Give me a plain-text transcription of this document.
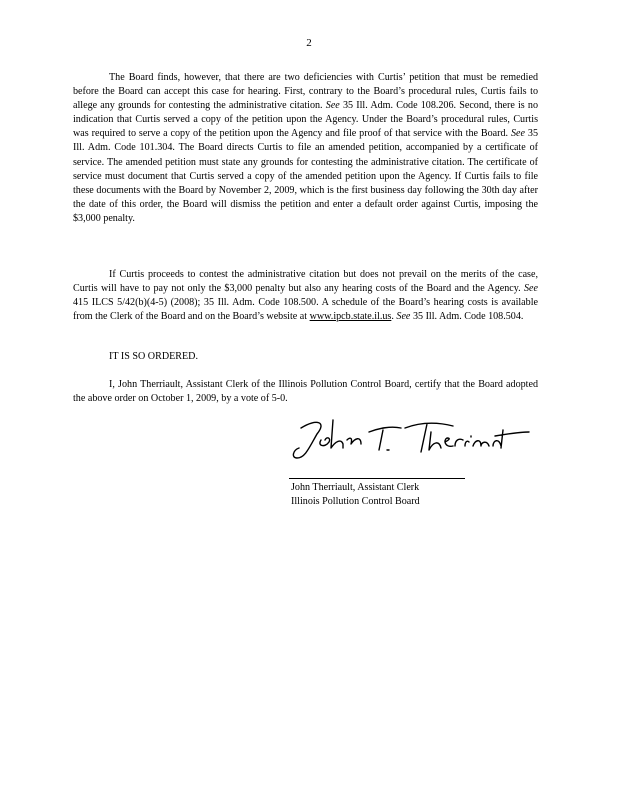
2

The Board finds, however, that there are two deficiencies with Curtis’ petition that must be remedied before the Board can accept this case for hearing. First, contrary to the Board’s procedural rules, Curtis fails to allege any grounds for contesting the administrative citation. See 35 Ill. Adm. Code 108.206. Second, there is no indication that Curtis served a copy of the petition upon the Agency. Under the Board’s procedural rules, Curtis was required to serve a copy of the petition upon the Agency and file proof of that service with the Board. See 35 Ill. Adm. Code 101.304. The Board directs Curtis to file an amended petition, accompanied by a certificate of service. The amended petition must state any grounds for contesting the administrative citation. The certificate of service must document that Curtis served a copy of the amended petition upon the Agency. If Curtis fails to file these documents with the Board by November 2, 2009, which is the first business day following the 30th day after the date of this order, the Board will dismiss the petition and enter a default order against Curtis, imposing the $3,000 penalty.

If Curtis proceeds to contest the administrative citation but does not prevail on the merits of the case, Curtis will have to pay not only the $3,000 penalty but also any hearing costs of the Board and the Agency. See 415 ILCS 5/42(b)(4-5) (2008); 35 Ill. Adm. Code 108.500. A schedule of the Board’s hearing costs is available from the Clerk of the Board and on the Board’s website at www.ipcb.state.il.us. See 35 Ill. Adm. Code 108.504.

IT IS SO ORDERED.

I, John Therriault, Assistant Clerk of the Illinois Pollution Control Board, certify that the Board adopted the above order on October 1, 2009, by a vote of 5-0.

John Therriault, Assistant Clerk
Illinois Pollution Control Board
